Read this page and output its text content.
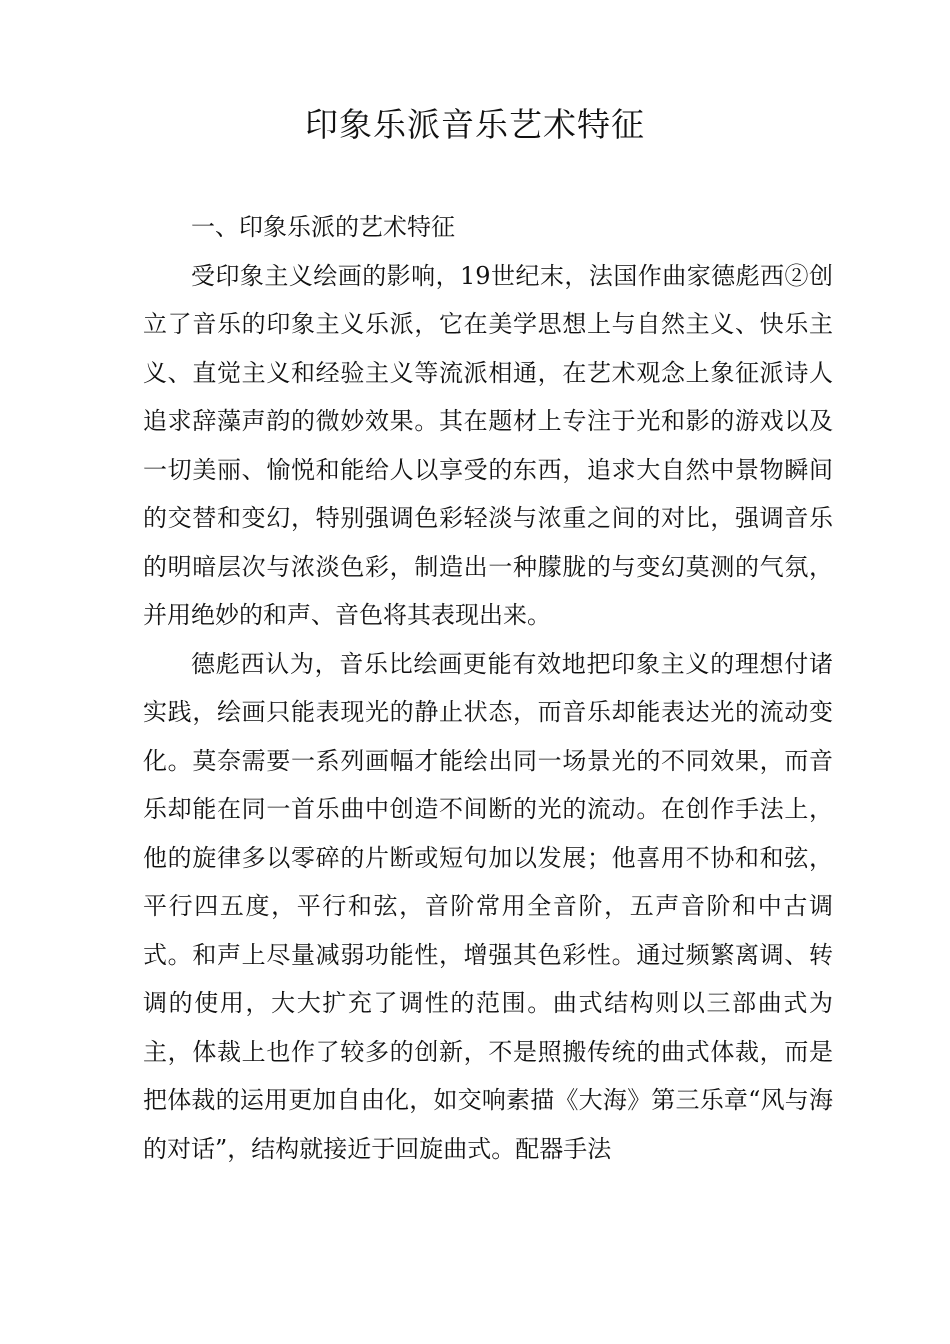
印象乐派音乐艺术特征
一、印象乐派的艺术特征

受印象主义绘画的影响，19世纪末，法国作曲家德彪西②创立了音乐的印象主义乐派，它在美学思想上与自然主义、快乐主义、直觉主义和经验主义等流派相通，在艺术观念上象征派诗人追求辞藻声韵的微妙效果。其在题材上专注于光和影的游戏以及一切美丽、愉悦和能给人以享受的东西，追求大自然中景物瞬间的交替和变幻，特别强调色彩轻淡与浓重之间的对比，强调音乐的明暗层次与浓淡色彩，制造出一种朦胧的与变幻莫测的气氛，并用绝妙的和声、音色将其表现出来。

德彪西认为，音乐比绘画更能有效地把印象主义的理想付诸实践，绘画只能表现光的静止状态，而音乐却能表达光的流动变化。莫奈需要一系列画幅才能绘出同一场景光的不同效果，而音乐却能在同一首乐曲中创造不间断的光的流动。在创作手法上，他的旋律多以零碎的片断或短句加以发展；他喜用不协和和弦，平行四五度，平行和弦，音阶常用全音阶，五声音阶和中古调式。和声上尽量减弱功能性，增强其色彩性。通过频繁离调、转调的使用，大大扩充了调性的范围。曲式结构则以三部曲式为主，体裁上也作了较多的创新，不是照搬传统的曲式体裁，而是把体裁的运用更加自由化，如交响素描《大海》第三乐章“风与海的对话”，结构就接近于回旋曲式。配器手法
